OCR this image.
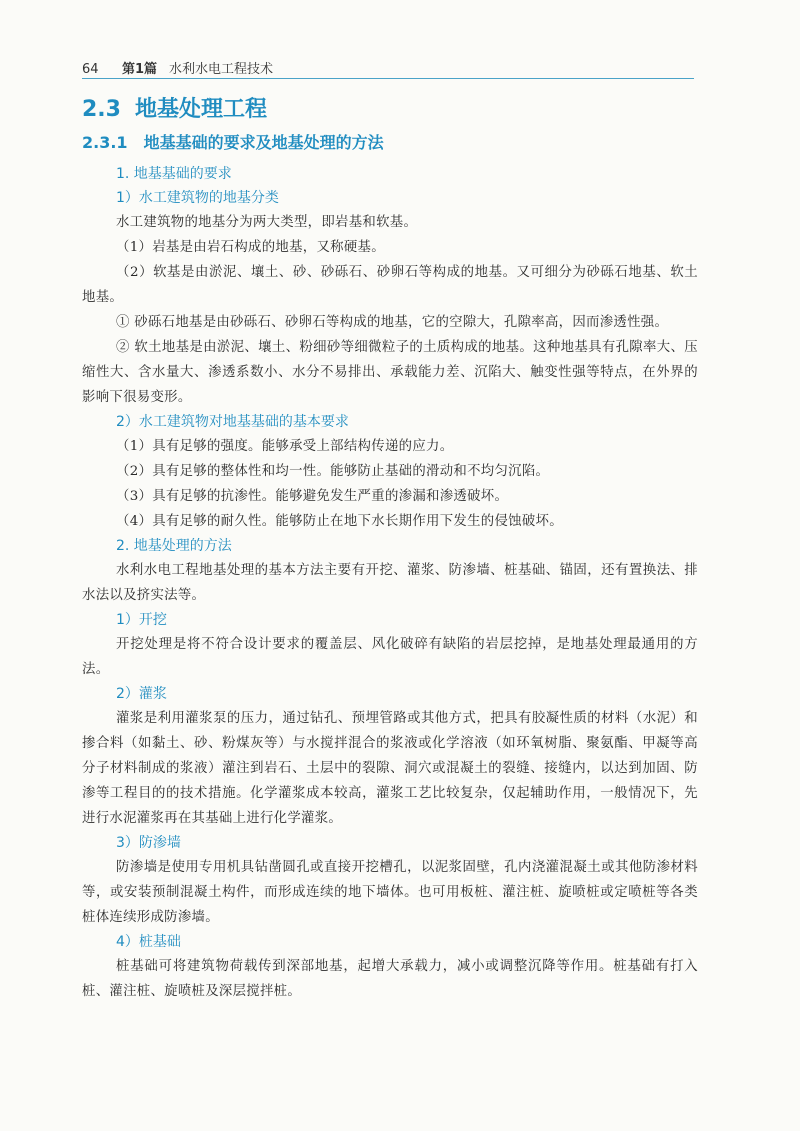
64 第1篇 水利水电工程技术
2.3 地基处理工程
2.3.1 地基基础的要求及地基处理的方法
1. 地基基础的要求
1）水工建筑物的地基分类

水工建筑物的地基分为两大类型，即岩基和软基。

（1）岩基是由岩石构成的地基，又称硬基。

（2）软基是由淤泥、壤土、砂、砂砾石、砂卵石等构成的地基。又可细分为砂砾石地基、软土地基。

① 砂砾石地基是由砂砾石、砂卵石等构成的地基，它的空隙大，孔隙率高，因而渗透性强。

② 软土地基是由淤泥、壤土、粉细砂等细微粒子的土质构成的地基。这种地基具有孔隙率大、压缩性大、含水量大、渗透系数小、水分不易排出、承载能力差、沉陷大、触变性强等特点，在外界的影响下很易变形。

2）水工建筑物对地基基础的基本要求

（1）具有足够的强度。能够承受上部结构传递的应力。

（2）具有足够的整体性和均一性。能够防止基础的滑动和不均匀沉陷。

（3）具有足够的抗渗性。能够避免发生严重的渗漏和渗透破坏。

（4）具有足够的耐久性。能够防止在地下水长期作用下发生的侵蚀破坏。

2. 地基处理的方法

水利水电工程地基处理的基本方法主要有开挖、灌浆、防渗墙、桩基础、锚固，还有置换法、排水法以及挤实法等。

1）开挖

开挖处理是将不符合设计要求的覆盖层、风化破碎有缺陷的岩层挖掉，是地基处理最通用的方法。

2）灌浆

灌浆是利用灌浆泵的压力，通过钻孔、预埋管路或其他方式，把具有胶凝性质的材料（水泥）和掺合料（如黏土、砂、粉煤灰等）与水搅拌混合的浆液或化学溶液（如环氧树脂、聚氨酯、甲凝等高分子材料制成的浆液）灌注到岩石、土层中的裂隙、洞穴或混凝土的裂缝、接缝内，以达到加固、防渗等工程目的的技术措施。化学灌浆成本较高，灌浆工艺比较复杂，仅起辅助作用，一般情况下，先进行水泥灌浆再在其基础上进行化学灌浆。

3）防渗墙

防渗墙是使用专用机具钻凿圆孔或直接开挖槽孔，以泥浆固壁，孔内浇灌混凝土或其他防渗材料等，或安装预制混凝土构件，而形成连续的地下墙体。也可用板桩、灌注桩、旋喷桩或定喷桩等各类桩体连续形成防渗墙。

4）桩基础

桩基础可将建筑物荷载传到深部地基，起增大承载力，减小或调整沉降等作用。桩基础有打入桩、灌注桩、旋喷桩及深层搅拌桩。
